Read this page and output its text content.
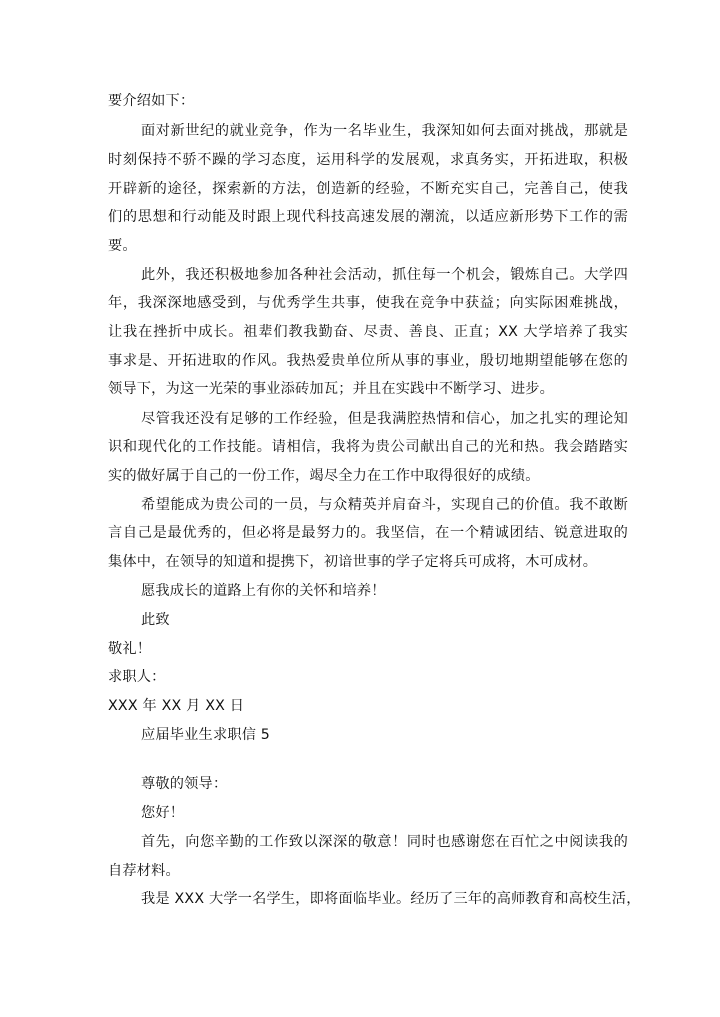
要介绍如下：
面对新世纪的就业竞争，作为一名毕业生，我深知如何去面对挑战，那就是
时刻保持不骄不躁的学习态度，运用科学的发展观，求真务实，开拓进取，积极
开辟新的途径，探索新的方法，创造新的经验，不断充实自己，完善自己，使我
们的思想和行动能及时跟上现代科技高速发展的潮流，以适应新形势下工作的需
要。
此外，我还积极地参加各种社会活动，抓住每一个机会，锻炼自己。大学四
年，我深深地感受到，与优秀学生共事，使我在竞争中获益；向实际困难挑战，
让我在挫折中成长。祖辈们教我勤奋、尽责、善良、正直；XX 大学培养了我实
事求是、开拓进取的作风。我热爱贵单位所从事的事业，殷切地期望能够在您的
领导下，为这一光荣的事业添砖加瓦；并且在实践中不断学习、进步。
尽管我还没有足够的工作经验，但是我满腔热情和信心，加之扎实的理论知
识和现代化的工作技能。请相信，我将为贵公司献出自己的光和热。我会踏踏实
实的做好属于自己的一份工作，竭尽全力在工作中取得很好的成绩。
希望能成为贵公司的一员，与众精英并肩奋斗，实现自己的价值。我不敢断
言自己是最优秀的，但必将是最努力的。我坚信，在一个精诚团结、锐意进取的
集体中，在领导的知道和提携下，初谙世事的学子定将兵可成将，木可成材。
愿我成长的道路上有你的关怀和培养！
此致
敬礼！
求职人：
XXX 年 XX 月 XX 日
应届毕业生求职信 5
尊敬的领导：
您好！
首先，向您辛勤的工作致以深深的敬意！同时也感谢您在百忙之中阅读我的
自荐材料。
我是 XXX 大学一名学生，即将面临毕业。经历了三年的高师教育和高校生活，
